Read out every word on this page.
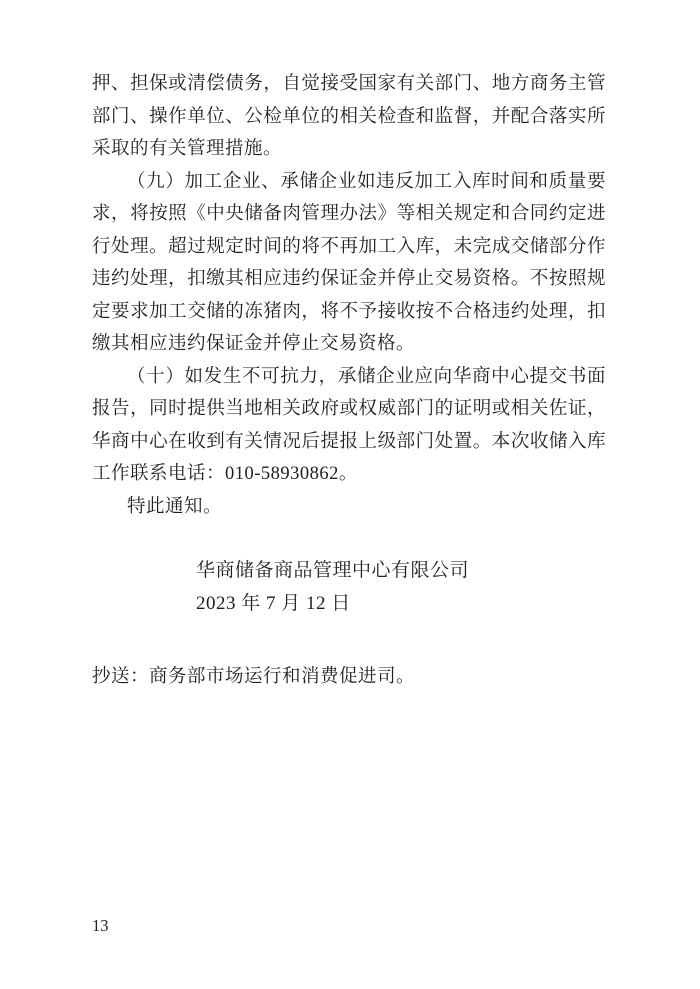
押、担保或清偿债务，自觉接受国家有关部门、地方商务主管
部门、操作单位、公检单位的相关检查和监督，并配合落实所
采取的有关管理措施。
（九）加工企业、承储企业如违反加工入库时间和质量要
求，将按照《中央储备肉管理办法》等相关规定和合同约定进
行处理。超过规定时间的将不再加工入库，未完成交储部分作
违约处理，扣缴其相应违约保证金并停止交易资格。不按照规
定要求加工交储的冻猪肉，将不予接收按不合格违约处理，扣
缴其相应违约保证金并停止交易资格。
（十）如发生不可抗力，承储企业应向华商中心提交书面
报告，同时提供当地相关政府或权威部门的证明或相关佐证，
华商中心在收到有关情况后提报上级部门处置。本次收储入库
工作联系电话：010-58930862。
特此通知。
华商储备商品管理中心有限公司
2023 年 7 月 12 日
抄送：商务部市场运行和消费促进司。
13
